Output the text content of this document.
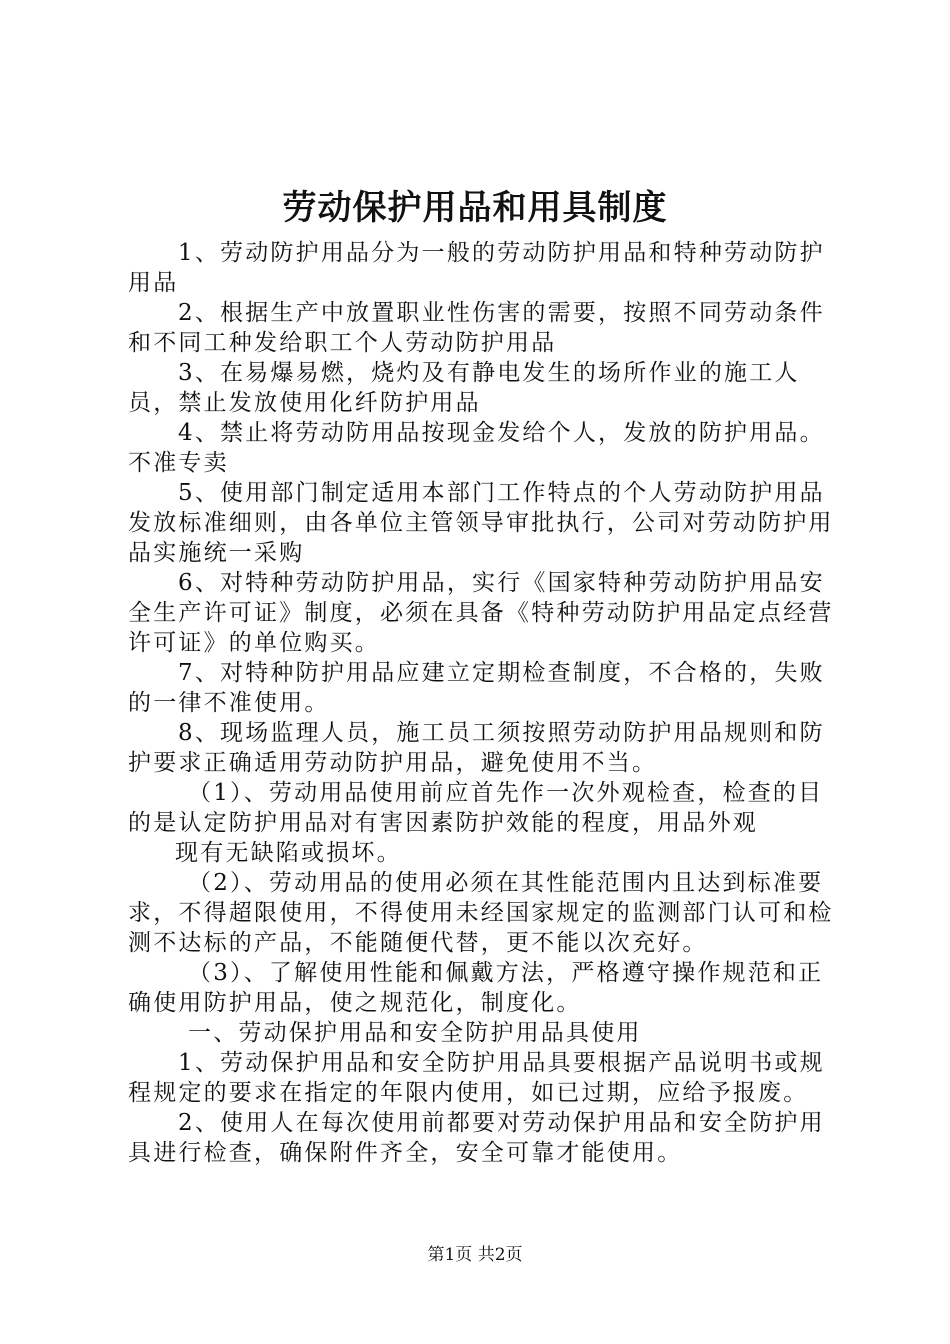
劳动保护用品和用具制度

1、劳动防护用品分为一般的劳动防护用品和特种劳动防护用品

2、根据生产中放置职业性伤害的需要，按照不同劳动条件和不同工种发给职工个人劳动防护用品

3、在易爆易燃，烧灼及有静电发生的场所作业的施工人员，禁止发放使用化纤防护用品

4、禁止将劳动防用品按现金发给个人，发放的防护用品。不准专卖

5、使用部门制定适用本部门工作特点的个人劳动防护用品发放标准细则，由各单位主管领导审批执行，公司对劳动防护用品实施统一采购

6、对特种劳动防护用品，实行《国家特种劳动防护用品安全生产许可证》制度，必须在具备《特种劳动防护用品定点经营许可证》的单位购买。

7、对特种防护用品应建立定期检查制度，不合格的，失败的一律不准使用。

8、现场监理人员，施工员工须按照劳动防护用品规则和防护要求正确适用劳动防护用品，避免使用不当。

（1）、劳动用品使用前应首先作一次外观检查，检查的目的是认定防护用品对有害因素防护效能的程度，用品外观

现有无缺陷或损坏。

（2）、劳动用品的使用必须在其性能范围内且达到标准要求，不得超限使用，不得使用未经国家规定的监测部门认可和检测不达标的产品，不能随便代替，更不能以次充好。

（3）、了解使用性能和佩戴方法，严格遵守操作规范和正确使用防护用品，使之规范化，制度化。

一、劳动保护用品和安全防护用品具使用

1、劳动保护用品和安全防护用品具要根据产品说明书或规程规定的要求在指定的年限内使用，如已过期，应给予报废。

2、使用人在每次使用前都要对劳动保护用品和安全防护用具进行检查，确保附件齐全，安全可靠才能使用。

第1页 共2页
